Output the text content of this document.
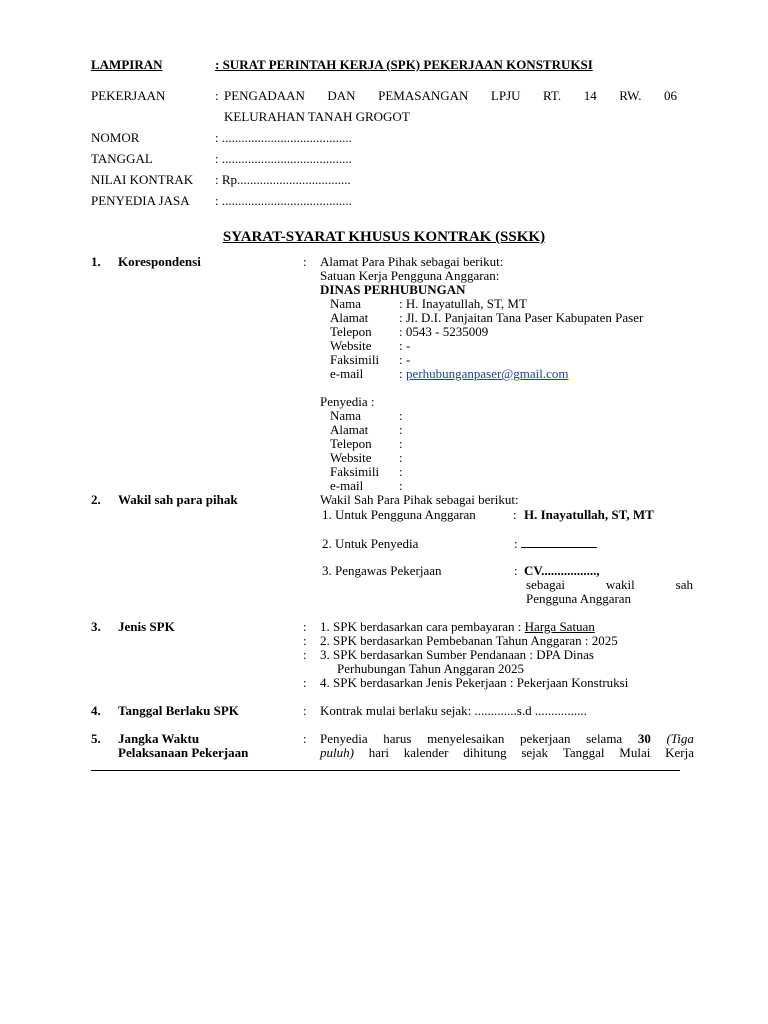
LAMPIRAN	: SURAT PERINTAH KERJA (SPK) PEKERJAAN KONSTRUKSI
PEKERJAAN	: PENGADAAN DAN PEMASANGAN LPJU RT. 14 RW. 06
KELURAHAN TANAH GROGOT
NOMOR	: ........................................
TANGGAL	: ........................................
NILAI KONTRAK : Rp...................................
PENYEDIA JASA : ........................................
SYARAT-SYARAT KHUSUS KONTRAK (SSKK)
1. Korespondensi	: Alamat Para Pihak sebagai berikut:
Satuan Kerja Pengguna Anggaran:
DINAS PERHUBUNGAN
Nama	: H. Inayatullah, ST, MT
Alamat : Jl. D.I. Panjaitan Tana Paser Kabupaten Paser
Telepon : 0543 - 5235009
Website : -
Faksimili : -
e-mail	: perhubunganpaser@gmail.com
Penyedia :
Nama	:
Alamat :
Telepon :
Website :
Faksimili :
e-mail	:
2. Wakil sah para pihak	Wakil Sah Para Pihak sebagai berikut:
1. Untuk Pengguna Anggaran	: H. Inayatullah, ST, MT
2. Untuk Penyedia	:
3. Pengawas Pekerjaan	: CV.................,
sebagai	wakil	sah
Pengguna Anggaran
3. Jenis SPK	: 1. SPK berdasarkan cara pembayaran : Harga Satuan
: 2. SPK berdasarkan Pembebanan Tahun Anggaran : 2025
: 3. SPK berdasarkan Sumber Pendanaan : DPA Dinas
Perhubungan Tahun Anggaran 2025
: 4. SPK berdasarkan Jenis Pekerjaan : Pekerjaan Konstruksi
4. Tanggal Berlaku SPK	: Kontrak mulai berlaku sejak: .............s.d ................
5. Jangka Waktu
Pelaksanaan Pekerjaan
: Penyedia harus menyelesaikan pekerjaan selama 30 (Tiga
puluh) hari kalender dihitung sejak Tanggal Mulai Kerja
